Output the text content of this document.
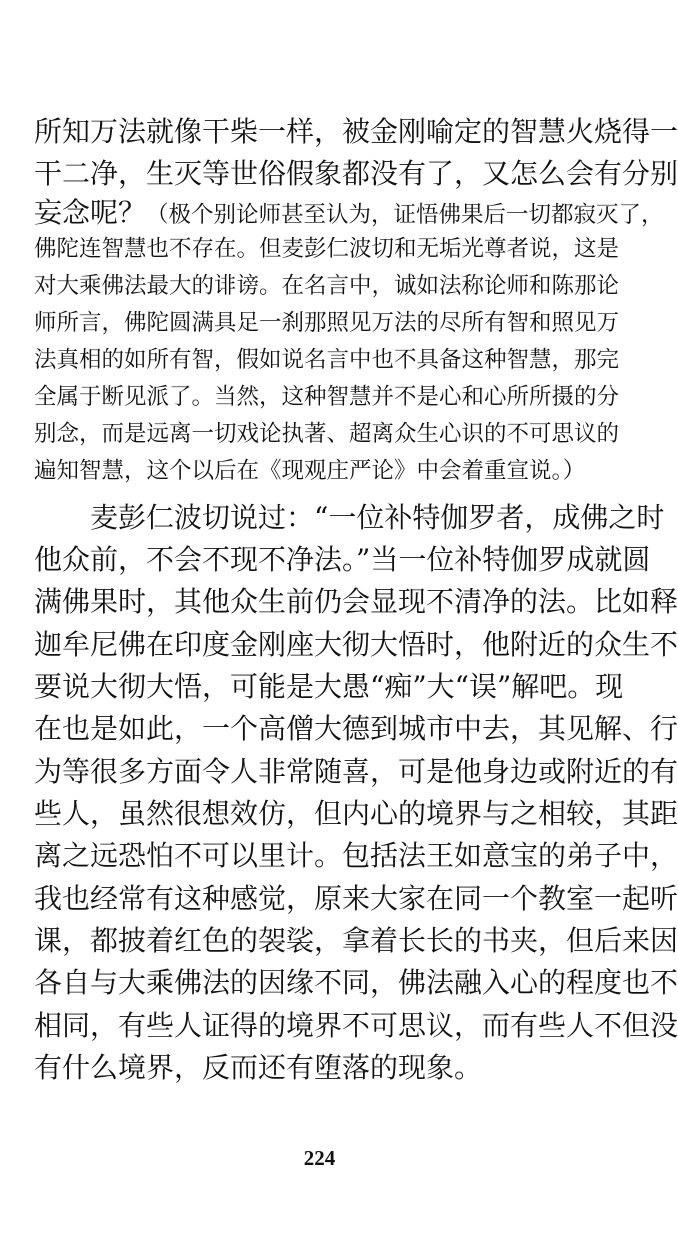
所知万法就像干柴一样，被金刚喻定的智慧火烧得一
干二净，生灭等世俗假象都没有了，又怎么会有分别
妄念呢？（极个别论师甚至认为，证悟佛果后一切都寂灭了，
佛陀连智慧也不存在。但麦彭仁波切和无垢光尊者说，这是
对大乘佛法最大的诽谤。在名言中，诚如法称论师和陈那论
师所言，佛陀圆满具足一刹那照见万法的尽所有智和照见万
法真相的如所有智，假如说名言中也不具备这种智慧，那完
全属于断见派了。当然，这种智慧并不是心和心所所摄的分
别念，而是远离一切戏论执著、超离众生心识的不可思议的
遍知智慧，这个以后在《现观庄严论》中会着重宣说。）
麦彭仁波切说过：“一位补特伽罗者，成佛之时
他众前，不会不现不净法。”当一位补特伽罗成就圆
满佛果时，其他众生前仍会显现不清净的法。比如释
迦牟尼佛在印度金刚座大彻大悟时，他附近的众生不
要说大彻大悟，可能是大愚“痴”大“误”解吧。现
在也是如此，一个高僧大德到城市中去，其见解、行
为等很多方面令人非常随喜，可是他身边或附近的有
些人，虽然很想效仿，但内心的境界与之相较，其距
离之远恐怕不可以里计。包括法王如意宝的弟子中，
我也经常有这种感觉，原来大家在同一个教室一起听
课，都披着红色的袈裟，拿着长长的书夹，但后来因
各自与大乘佛法的因缘不同，佛法融入心的程度也不
相同，有些人证得的境界不可思议，而有些人不但没
有什么境界，反而还有堕落的现象。
224
